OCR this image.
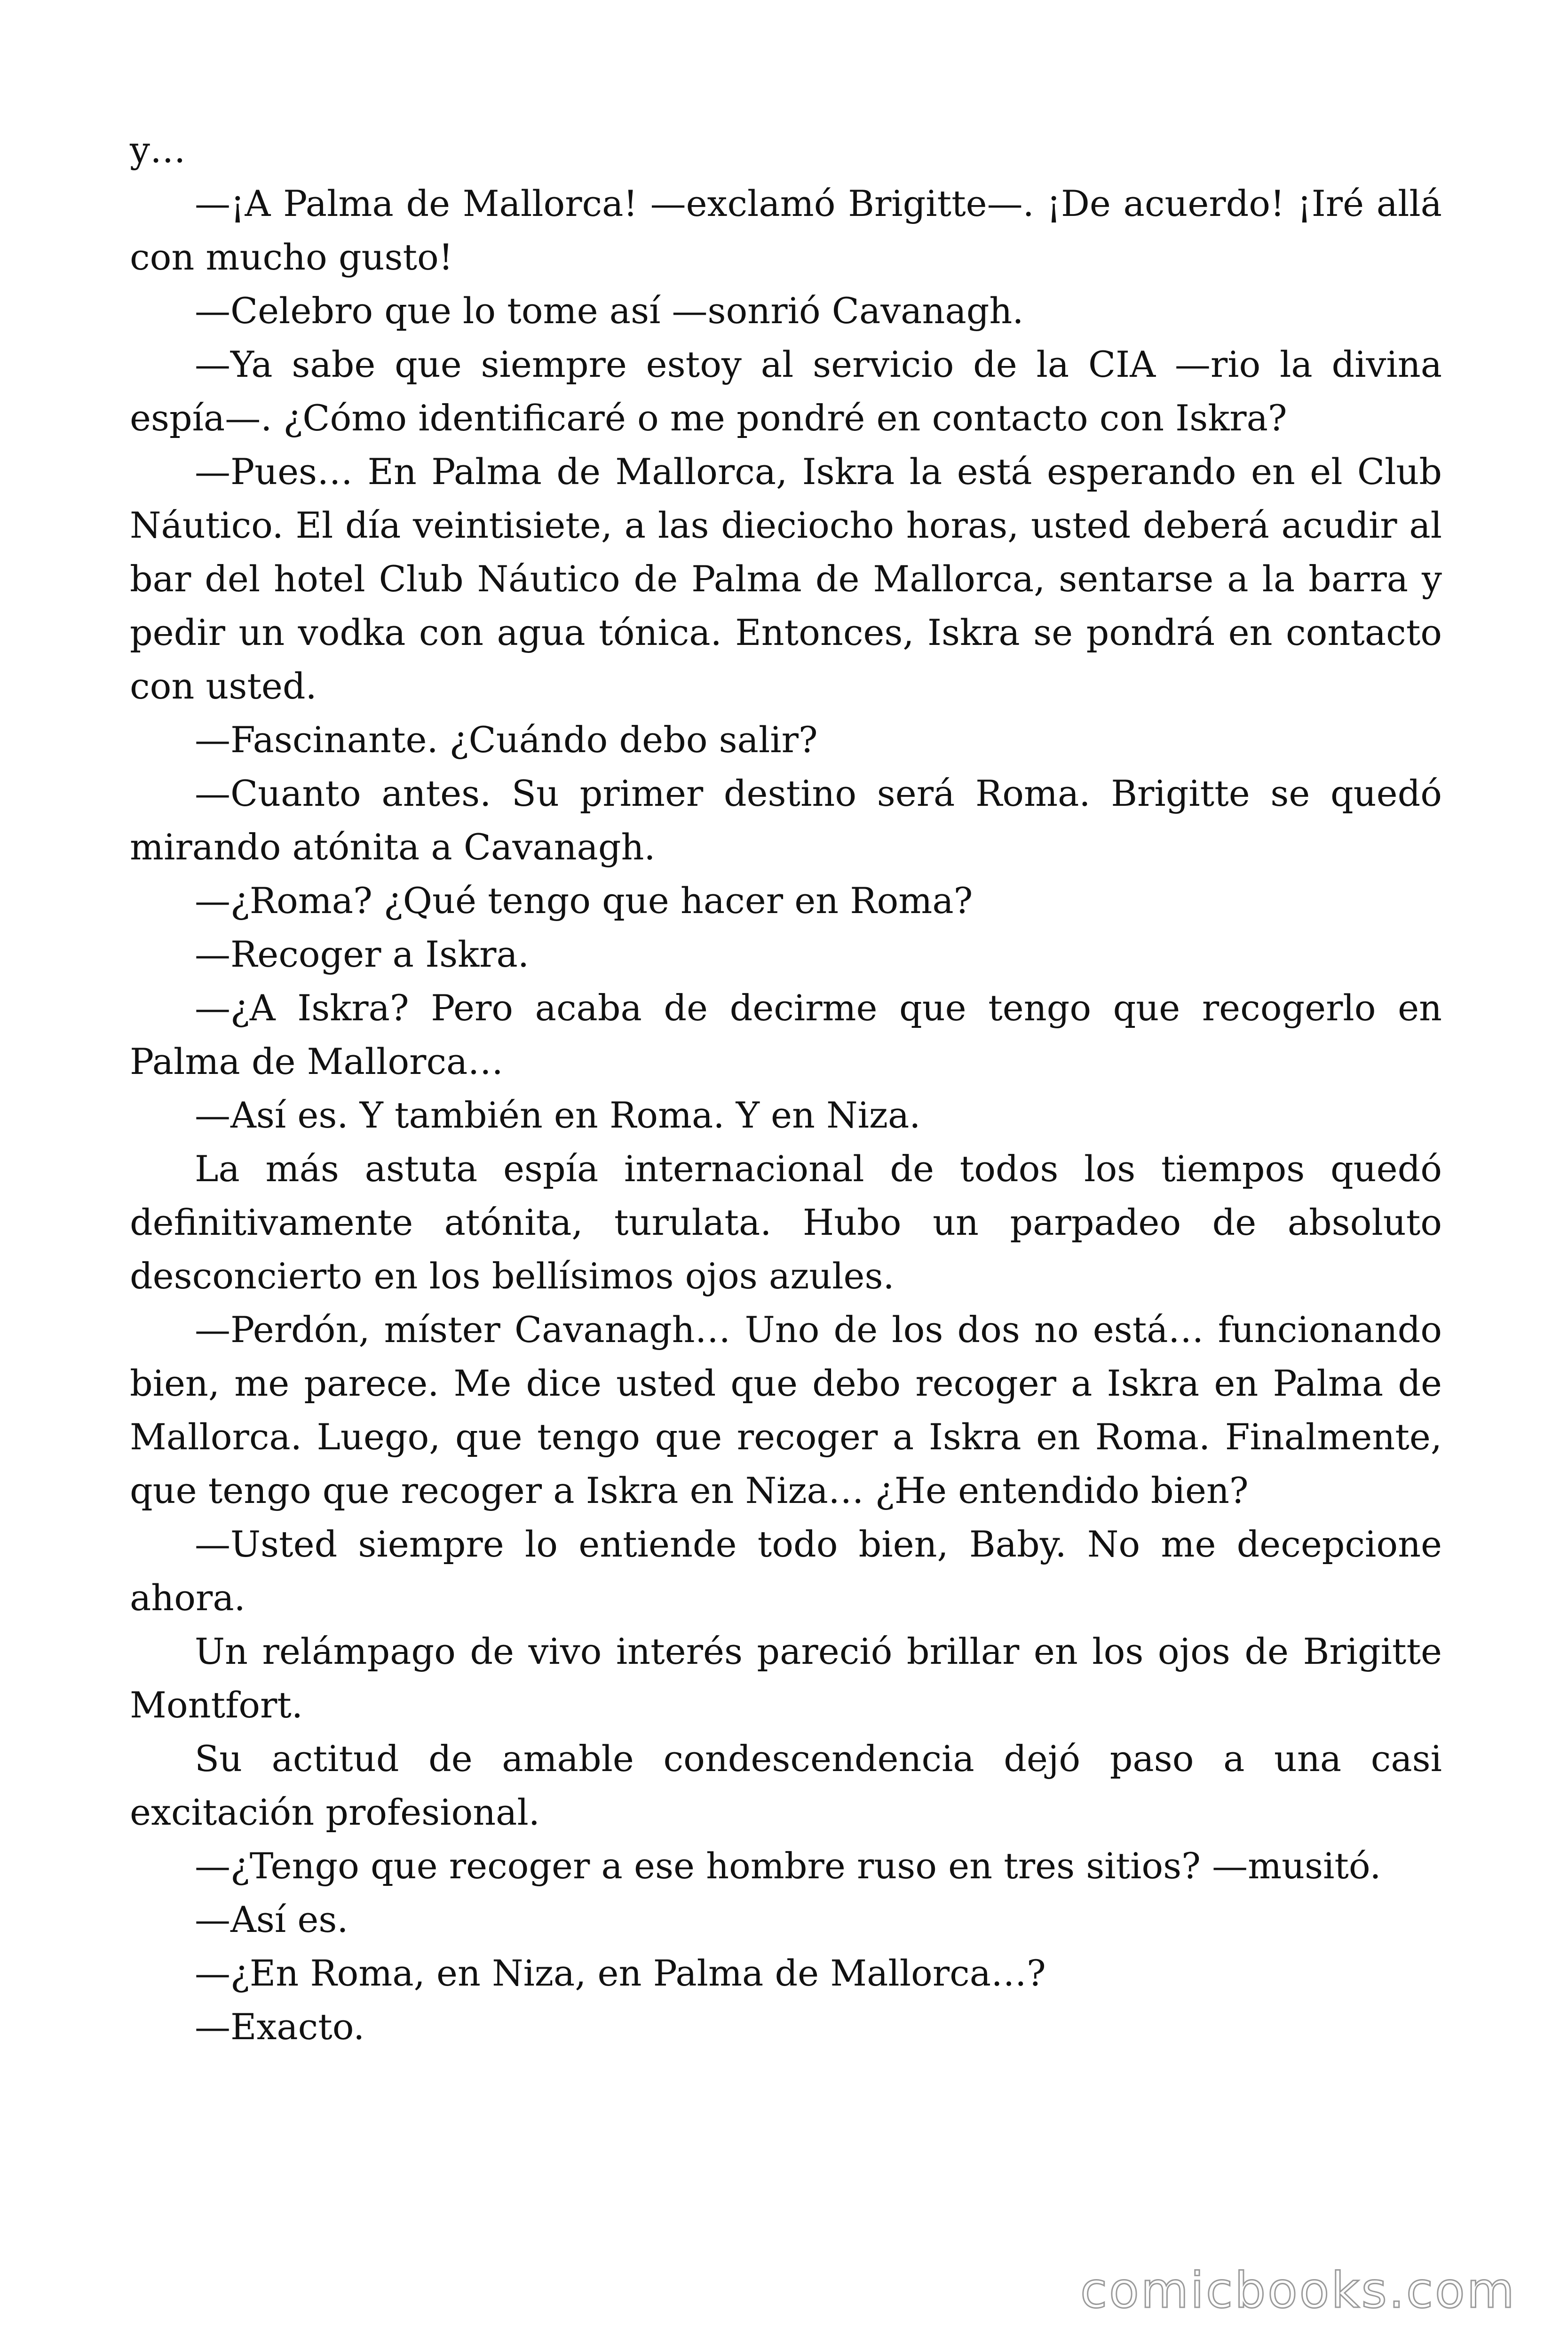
y…

—¡A Palma de Mallorca! —exclamó Brigitte—. ¡De acuerdo! ¡Iré allá con mucho gusto!

—Celebro que lo tome así —sonrió Cavanagh.

—Ya sabe que siempre estoy al servicio de la CIA —rio la divina espía—. ¿Cómo identificaré o me pondré en contacto con Iskra?

—Pues… En Palma de Mallorca, Iskra la está esperando en el Club Náutico. El día veintisiete, a las dieciocho horas, usted deberá acudir al bar del hotel Club Náutico de Palma de Mallorca, sentarse a la barra y pedir un vodka con agua tónica. Entonces, Iskra se pondrá en contacto con usted.

—Fascinante. ¿Cuándo debo salir?

—Cuanto antes. Su primer destino será Roma. Brigitte se quedó mirando atónita a Cavanagh.

—¿Roma? ¿Qué tengo que hacer en Roma?

—Recoger a Iskra.

—¿A Iskra? Pero acaba de decirme que tengo que recogerlo en Palma de Mallorca…

—Así es. Y también en Roma. Y en Niza.

La más astuta espía internacional de todos los tiempos quedó definitivamente atónita, turulata. Hubo un parpadeo de absoluto desconcierto en los bellísimos ojos azules.

—Perdón, míster Cavanagh… Uno de los dos no está… funcionando bien, me parece. Me dice usted que debo recoger a Iskra en Palma de Mallorca. Luego, que tengo que recoger a Iskra en Roma. Finalmente, que tengo que recoger a Iskra en Niza… ¿He entendido bien?

—Usted siempre lo entiende todo bien, Baby. No me decepcione ahora.

Un relámpago de vivo interés pareció brillar en los ojos de Brigitte Montfort.

Su actitud de amable condescendencia dejó paso a una casi excitación profesional.

—¿Tengo que recoger a ese hombre ruso en tres sitios? —musitó.

—Así es.

—¿En Roma, en Niza, en Palma de Mallorca…?

—Exacto.

comicbooks.com
